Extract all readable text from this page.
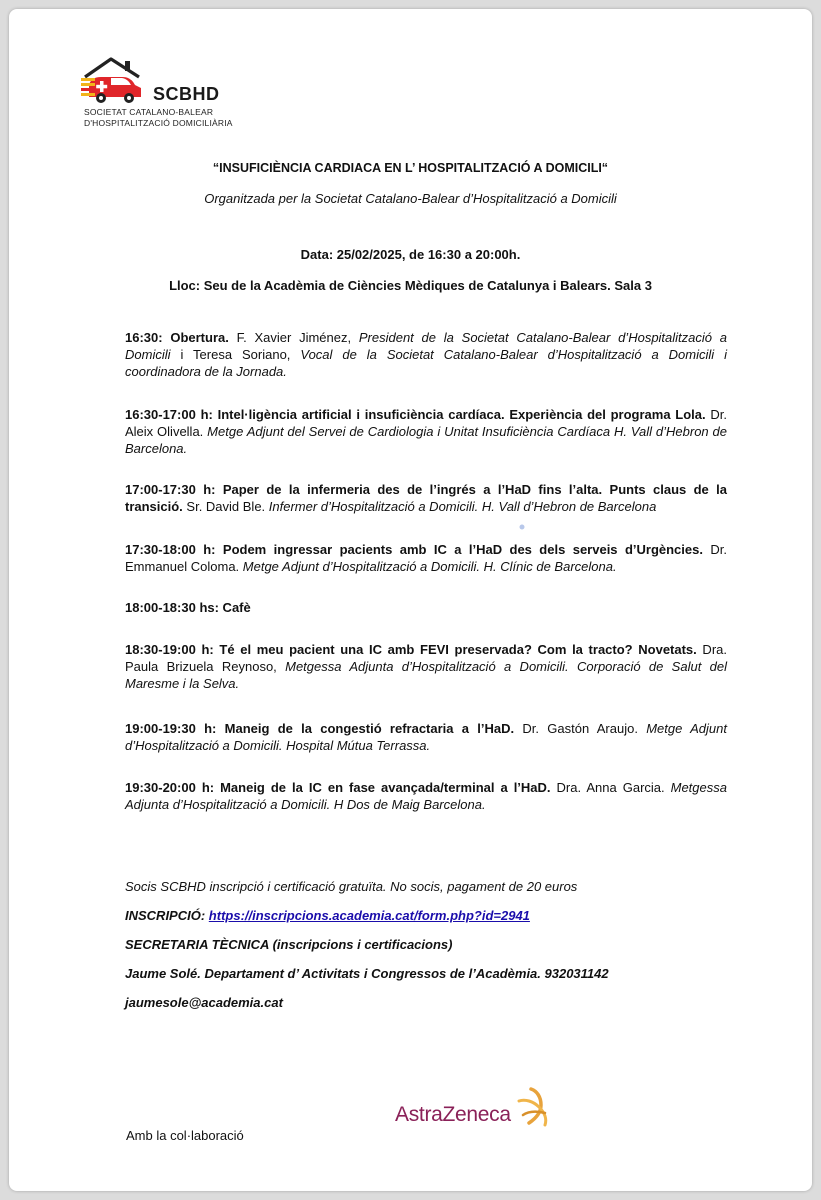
SCBHD
SOCIETAT CATALANO-BALEAR
D'HOSPITALITZACIÓ DOMICILIÀRIA
“INSUFICIÈNCIA CARDIACA EN L’ HOSPITALITZACIÓ A DOMICILI“
Organitzada per la Societat Catalano-Balear d’Hospitalització a Domicili
Data: 25/02/2025, de 16:30 a 20:00h.
Lloc: Seu de la Acadèmia de Ciències Mèdiques de Catalunya i Balears. Sala 3
16:30: Obertura. F. Xavier Jiménez, President de la Societat Catalano-Balear d’Hospitalització a Domicili i Teresa Soriano, Vocal de la Societat Catalano-Balear d’Hospitalització a Domicili i coordinadora de la Jornada.
16:30-17:00 h: Intel·ligència artificial i insuficiència cardíaca. Experiència del programa Lola. Dr. Aleix Olivella. Metge Adjunt del Servei de Cardiologia i Unitat Insuficiència Cardíaca H. Vall d’Hebron de Barcelona.
17:00-17:30 h: Paper de la infermeria des de l’ingrés a l’HaD fins l’alta. Punts claus de la transició. Sr. David Ble. Infermer d’Hospitalització a Domicili. H. Vall d’Hebron de Barcelona
17:30-18:00 h: Podem ingressar pacients amb IC a l’HaD des dels serveis d’Urgències. Dr. Emmanuel Coloma. Metge Adjunt d’Hospitalització a Domicili. H. Clínic de Barcelona.
18:00-18:30 hs: Cafè
18:30-19:00 h: Té el meu pacient una IC amb FEVI preservada? Com la tracto? Novetats. Dra. Paula Brizuela Reynoso, Metgessa Adjunta d’Hospitalització a Domicili. Corporació de Salut del Maresme i la Selva.
19:00-19:30 h: Maneig de la congestió refractaria a l’HaD. Dr. Gastón Araujo. Metge Adjunt d’Hospitalització a Domicili. Hospital Mútua Terrassa.
19:30-20:00 h: Maneig de la IC en fase avançada/terminal a l’HaD. Dra. Anna Garcia. Metgessa Adjunta d’Hospitalització a Domicili. H Dos de Maig Barcelona.
Socis SCBHD inscripció i certificació gratuïta. No socis, pagament de 20 euros
INSCRIPCIÓ: https://inscripcions.academia.cat/form.php?id=2941
SECRETARIA TÈCNICA (inscripcions i certificacions)
Jaume Solé. Departament d’ Activitats i Congressos de l’Acadèmia. 932031142
jaumesole@academia.cat
Amb la col·laboració
AstraZeneca
